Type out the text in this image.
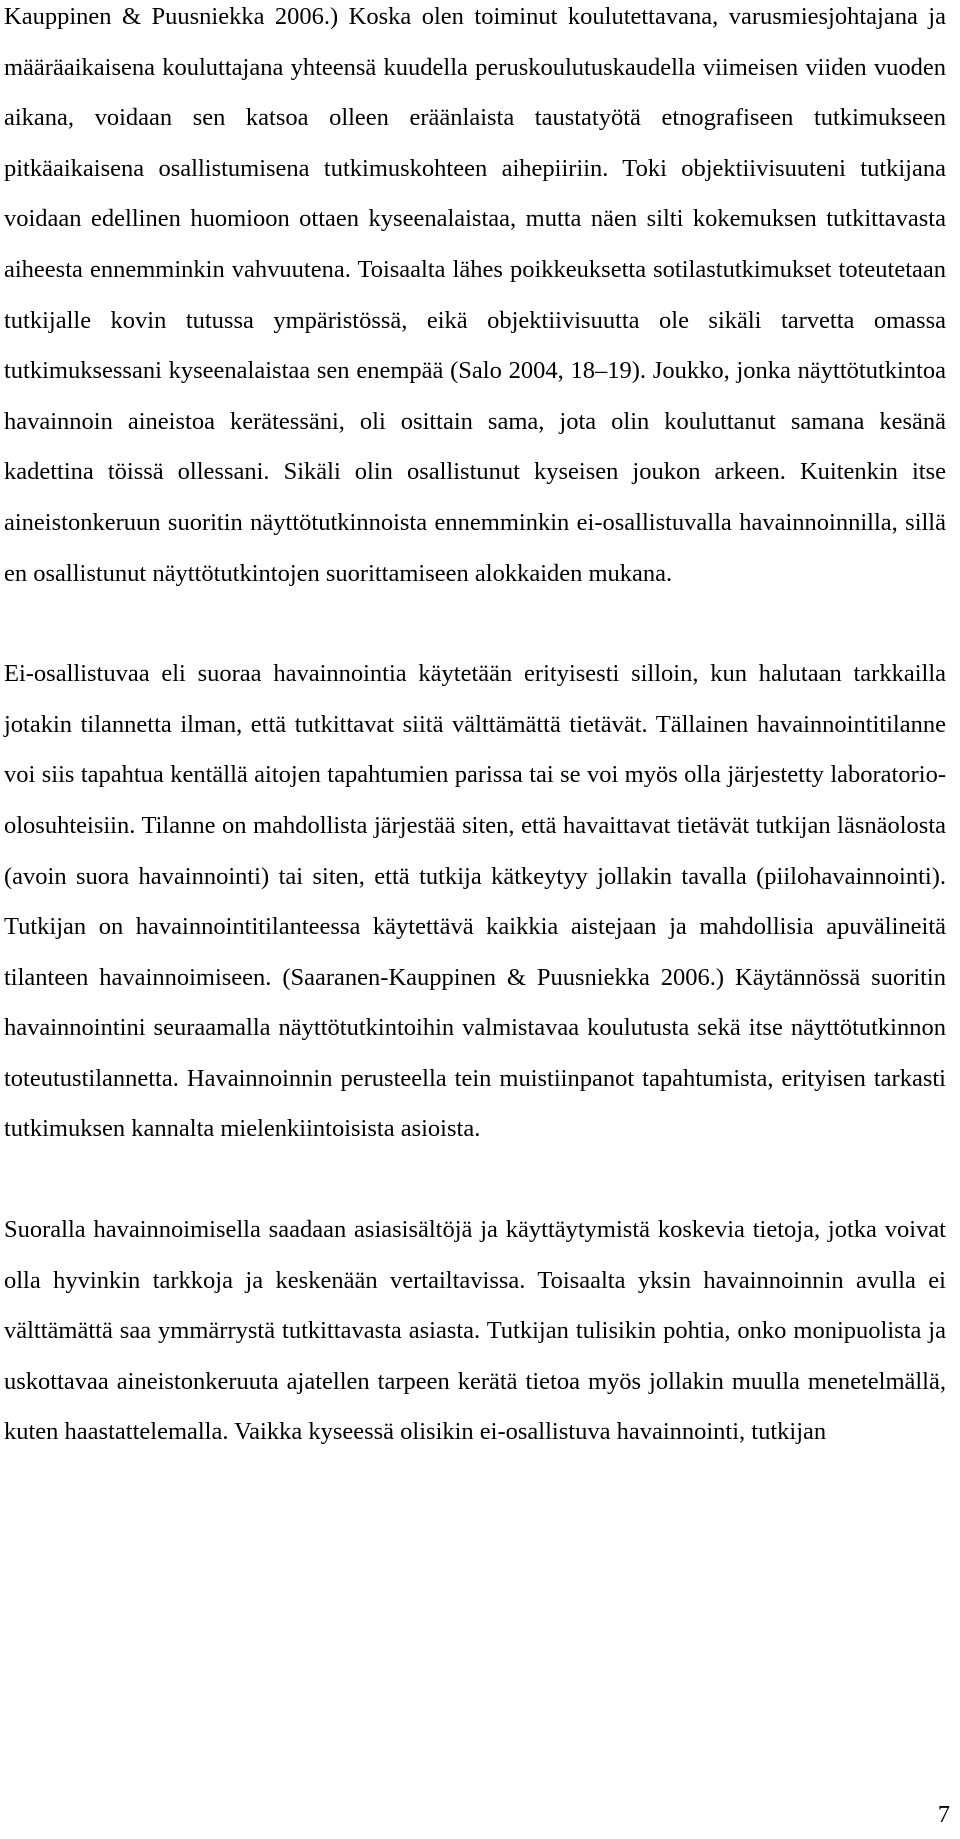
Kauppinen & Puusniekka 2006.) Koska olen toiminut koulutettavana, varusmiesjohtajana ja määräaikaisena kouluttajana yhteensä kuudella peruskoulutuskaudella viimeisen viiden vuoden aikana, voidaan sen katsoa olleen eräänlaista taustatyötä etnografiseen tutkimukseen pitkäaikaisena osallistumisena tutkimuskohteen aihepiiriin. Toki objektiivisuuteni tutkijana voidaan edellinen huomioon ottaen kyseenalaistaa, mutta näen silti kokemuksen tutkittavasta aiheesta ennemminkin vahvuutena. Toisaalta lähes poikkeuksetta sotilastutkimukset toteutetaan tutkijalle kovin tutussa ympäristössä, eikä objektiivisuutta ole sikäli tarvetta omassa tutkimuksessani kyseenalaistaa sen enempää (Salo 2004, 18–19). Joukko, jonka näyttötutkintoa havainnoin aineistoa kerätessäni, oli osittain sama, jota olin kouluttanut samana kesänä kadettina töissä ollessani. Sikäli olin osallistunut kyseisen joukon arkeen. Kuitenkin itse aineistonkeruun suoritin näyttötutkinnoista ennemminkin ei-osallistuvalla havainnoinnilla, sillä en osallistunut näyttötutkintojen suorittamiseen alokkaiden mukana.

Ei-osallistuvaa eli suoraa havainnointia käytetään erityisesti silloin, kun halutaan tarkkailla jotakin tilannetta ilman, että tutkittavat siitä välttämättä tietävät. Tällainen havainnointitilanne voi siis tapahtua kentällä aitojen tapahtumien parissa tai se voi myös olla järjestetty laboratorio-olosuhteisiin. Tilanne on mahdollista järjestää siten, että havaittavat tietävät tutkijan läsnäolosta (avoin suora havainnointi) tai siten, että tutkija kätkeytyy jollakin tavalla (piilohavainnointi). Tutkijan on havainnointitilanteessa käytettävä kaikkia aistejaan ja mahdollisia apuvälineitä tilanteen havainnoimiseen. (Saaranen-Kauppinen & Puusniekka 2006.) Käytännössä suoritin havainnointini seuraamalla näyttötutkintoihin valmistavaa koulutusta sekä itse näyttötutkinnon toteutustilannetta. Havainnoinnin perusteella tein muistiinpanot tapahtumista, erityisen tarkasti tutkimuksen kannalta mielenkiintoisista asioista.

Suoralla havainnoimisella saadaan asiasisältöjä ja käyttäytymistä koskevia tietoja, jotka voivat olla hyvinkin tarkkoja ja keskenään vertailtavissa. Toisaalta yksin havainnoinnin avulla ei välttämättä saa ymmärrystä tutkittavasta asiasta. Tutkijan tulisikin pohtia, onko monipuolista ja uskottavaa aineistonkeruuta ajatellen tarpeen kerätä tietoa myös jollakin muulla menetelmällä, kuten haastattelemalla. Vaikka kyseessä olisikin ei-osallistuva havainnointi, tutkijan

7
